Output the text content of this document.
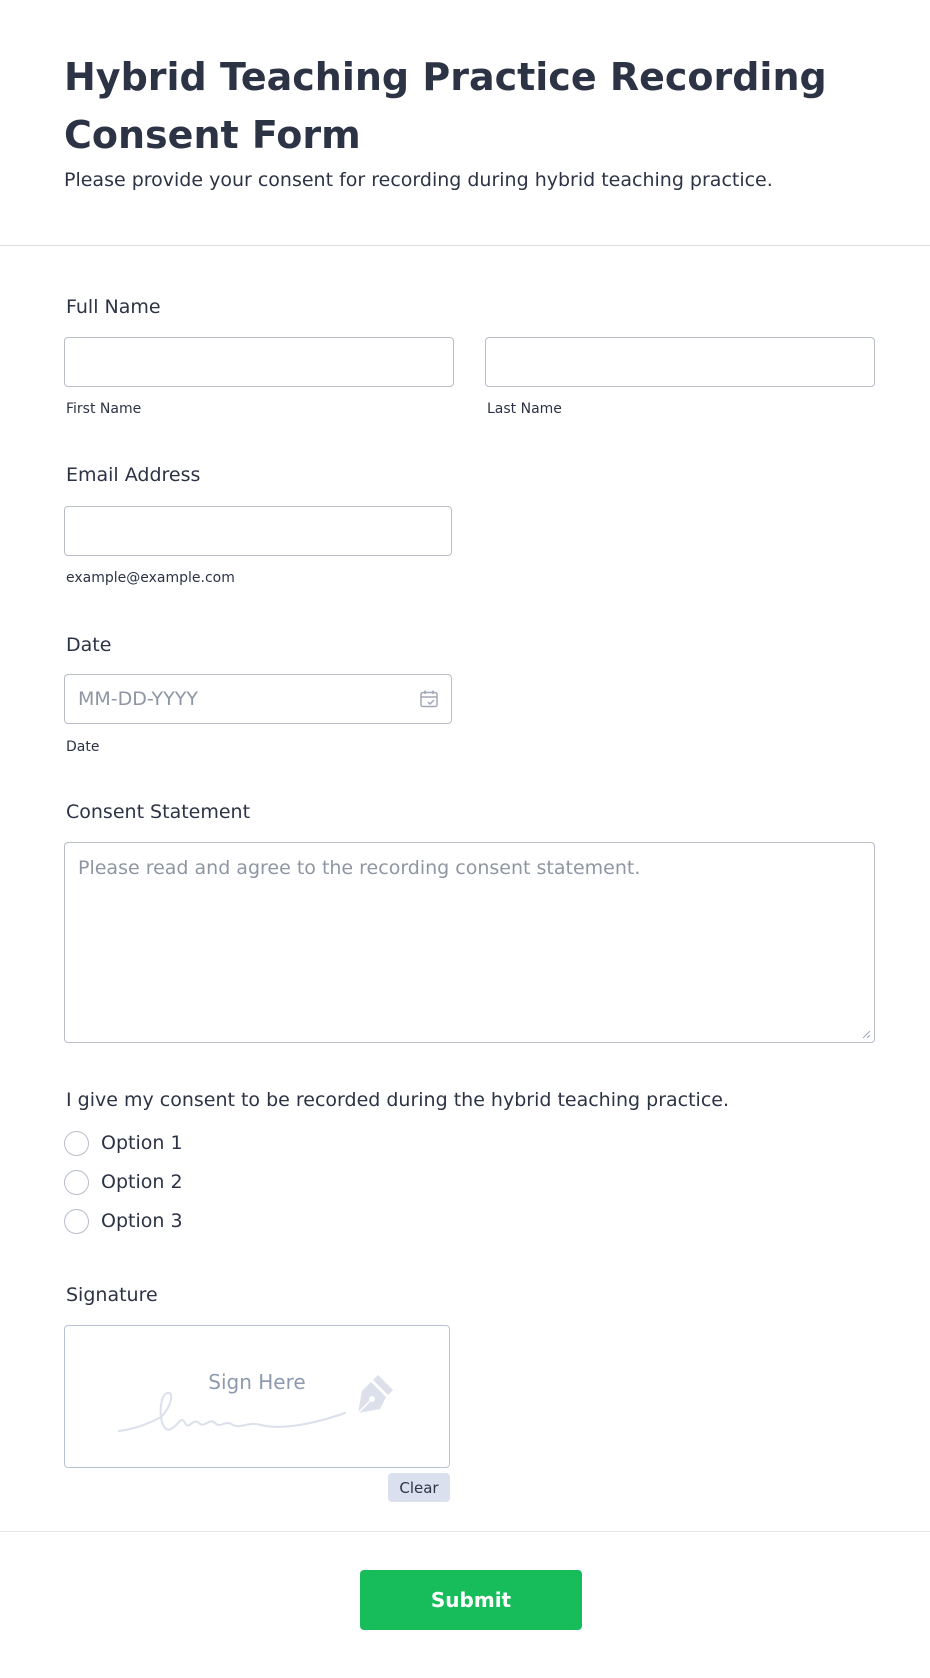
Hybrid Teaching Practice Recording Consent Form

Please provide your consent for recording during hybrid teaching practice.

Full Name
First Name	Last Name
Email Address
example@example.com
Date
MM-DD-YYYY
Date
Consent Statement
Please read and agree to the recording consent statement.
I give my consent to be recorded during the hybrid teaching practice.
Option 1
Option 2
Option 3
Signature
Sign Here
Clear
Submit
